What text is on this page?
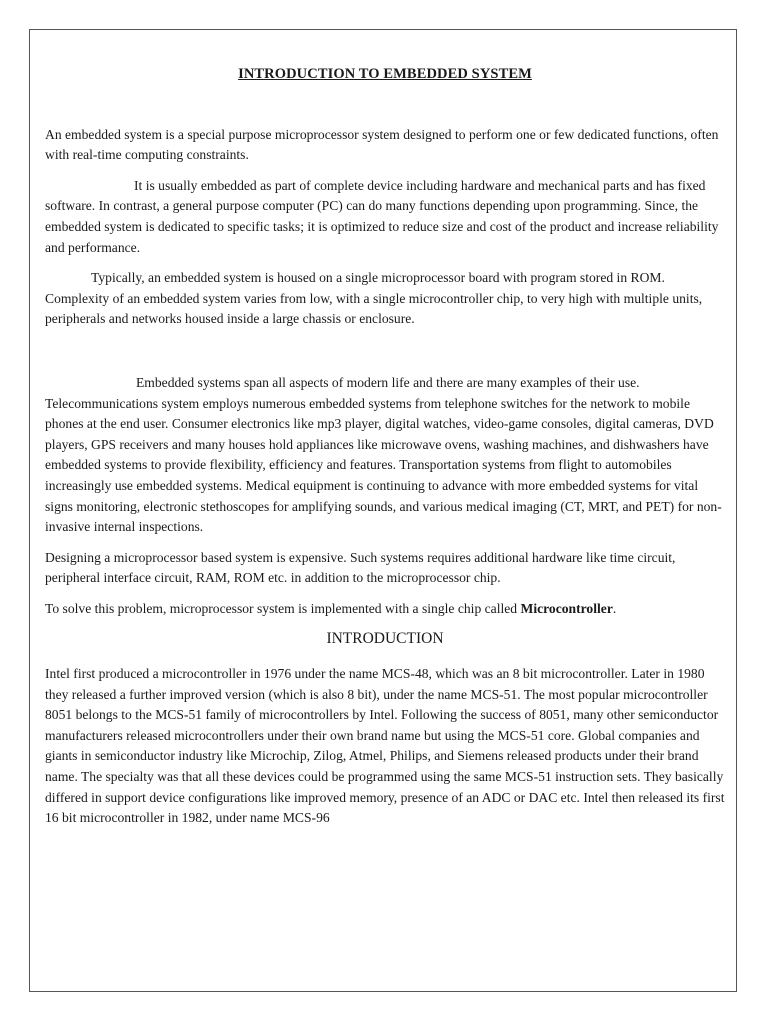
INTRODUCTION TO EMBEDDED SYSTEM

An embedded system is a special purpose microprocessor system designed to perform one or few dedicated functions, often with real-time computing constraints.

It is usually embedded as part of complete device including hardware and mechanical parts and has fixed software. In contrast, a general purpose computer (PC) can do many functions depending upon programming. Since, the embedded system is dedicated to specific tasks; it is optimized to reduce size and cost of the product and increase reliability and performance.

Typically, an embedded system is housed on a single microprocessor board with program stored in ROM. Complexity of an embedded system varies from low, with a single microcontroller chip, to very high with multiple units, peripherals and networks housed inside a large chassis or enclosure.

Embedded systems span all aspects of modern life and there are many examples of their use. Telecommunications system employs numerous embedded systems from telephone switches for the network to mobile phones at the end user. Consumer electronics like mp3 player, digital watches, video-game consoles, digital cameras, DVD players, GPS receivers and many houses hold appliances like microwave ovens, washing machines, and dishwashers have embedded systems to provide flexibility, efficiency and features. Transportation systems from flight to automobiles increasingly use embedded systems. Medical equipment is continuing to advance with more embedded systems for vital signs monitoring, electronic stethoscopes for amplifying sounds, and various medical imaging (CT, MRT, and PET) for non-invasive internal inspections.

Designing a microprocessor based system is expensive. Such systems requires additional hardware like time circuit, peripheral interface circuit, RAM, ROM etc. in addition to the microprocessor chip.

To solve this problem, microprocessor system is implemented with a single chip called Microcontroller.

INTRODUCTION

Intel first produced a microcontroller in 1976 under the name MCS-48, which was an 8 bit microcontroller. Later in 1980 they released a further improved version (which is also 8 bit), under the name MCS-51. The most popular microcontroller 8051 belongs to the MCS-51 family of microcontrollers by Intel. Following the success of 8051, many other semiconductor manufacturers released microcontrollers under their own brand name but using the MCS-51 core. Global companies and giants in semiconductor industry like Microchip, Zilog, Atmel, Philips, and Siemens released products under their brand name. The specialty was that all these devices could be programmed using the same MCS-51 instruction sets. They basically differed in support device configurations like improved memory, presence of an ADC or DAC etc. Intel then released its first 16 bit microcontroller in 1982, under name MCS-96
